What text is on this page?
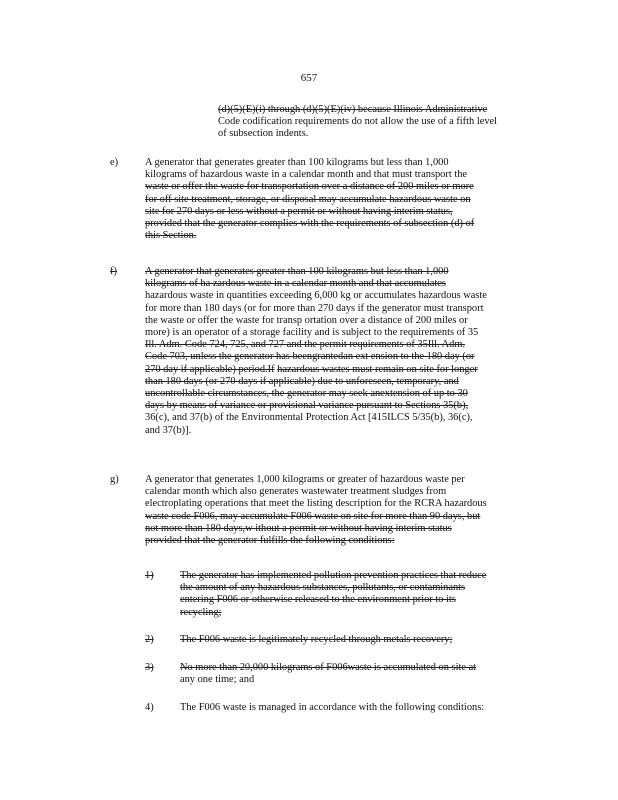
657
(d)(5)(E)(i) through (d)(5)(E)(iv) because Illinois Administrative
Code codification requirements do not allow the use of a fifth level
of subsection indents.
e)	A generator that generates greater than 100 kilograms but less than 1,000
kilograms of hazardous waste in a calendar month and that must transport the
waste or offer the waste for transportation over a distance of 200 miles or more
for off site treatment, storage, or disposal may accumulate hazardous waste on
site for 270 days or less without a permit or without having interim status,
provided that the generator complies with the requirements of subsection (d) of
this Section.
f)	A generator that generates greater than 100 kilograms but less than 1,000
kilograms of ha zardous waste in a calendar month and that accumulates
hazardous waste in quantities exceeding 6,000 kg or accumulates hazardous waste
for more than 180 days (or for more than 270 days if the generator must transport
the waste or offer the waste for transp ortation over a distance of 200 miles or
more) is an operator of a storage facility and is subject to the requirements of 35
Ill. Adm. Code 724, 725, and 727 and the permit requirements of 35Ill. Adm.
Code 703, unless the generator has beengrantedan ext ension to the 180 day (or
270 day if applicable) period.If hazardous wastes must remain on site for longer
than 180 days (or 270 days if applicable) due to unforeseen, temporary, and
uncontrollable circumstances, the generator may seek anextension of up to 30
days by means of variance or provisional variance pursuant to Sections 35(b),
36(c), and 37(b) of the Environmental Protection Act [415ILCS 5/35(b), 36(c),
and 37(b)].
g)	A generator that generates 1,000 kilograms or greater of hazardous waste per
calendar month which also generates wastewater treatment sludges from
electroplating operations that meet the listing description for the RCRA hazardous
waste code F006, may accumulate F006 waste on site for more than 90 days, but
not more than 180 days,w ithout a permit or without having interim status
provided that the generator fulfills the following conditions:
1)	The generator has implemented pollution prevention practices that reduce
the amount of any hazardous substances, pollutants, or contaminants
entering F006 or otherwise released to the environment prior to its
recycling;
2)	The F006 waste is legitimately recycled through metals recovery;
3)	No more than 20,000 kilograms of F006waste is accumulated on site at
any one time; and
4)	The F006 waste is managed in accordance with the following conditions:
